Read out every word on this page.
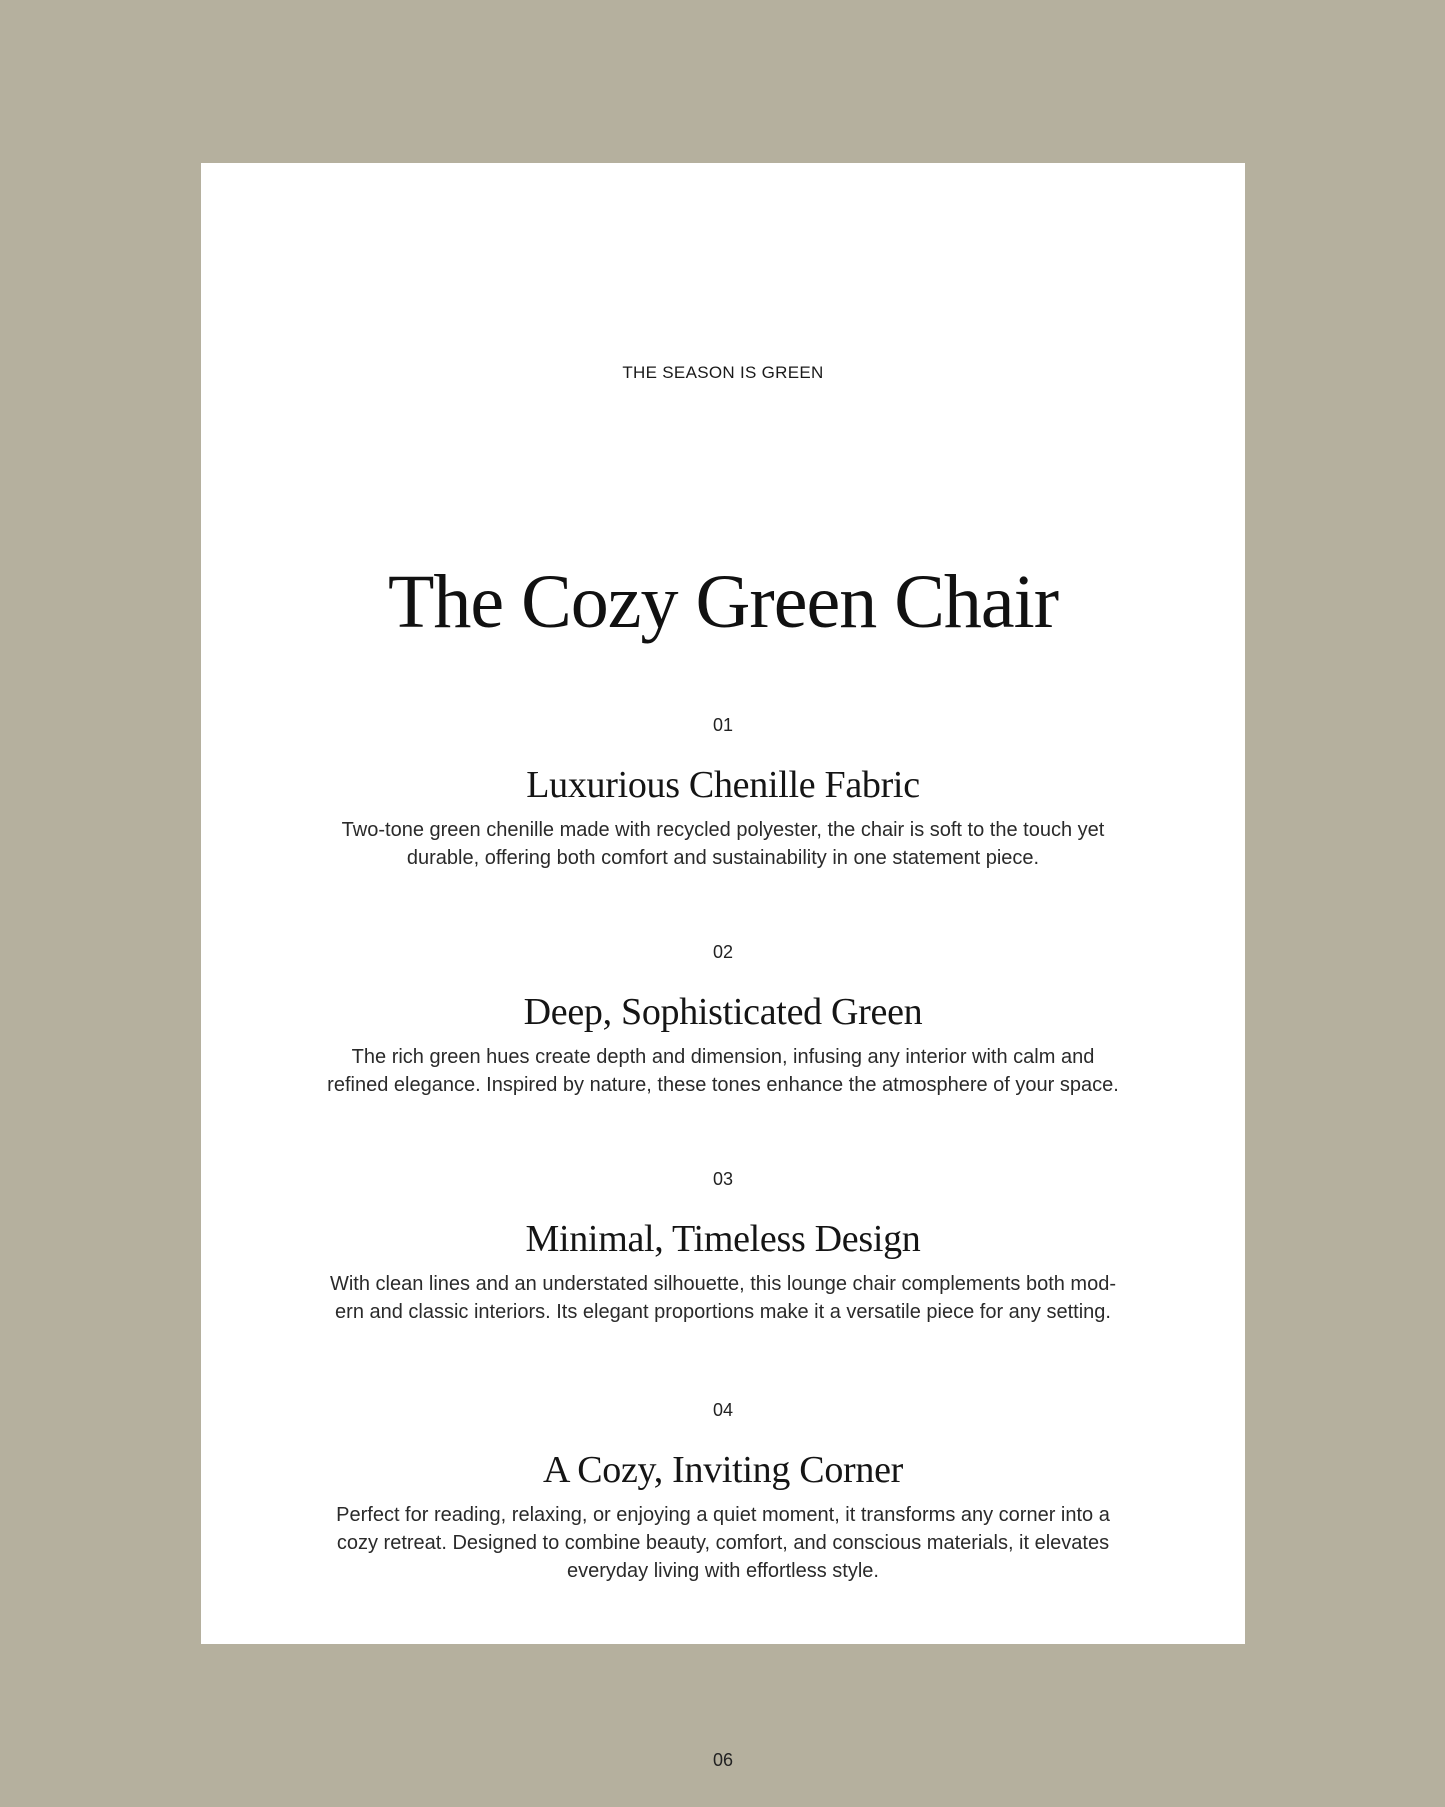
THE SEASON IS GREEN
The Cozy Green Chair
01
Luxurious Chenille Fabric

Two-tone green chenille made with recycled polyester, the chair is soft to the touch yet
durable, offering both comfort and sustainability in one statement piece.

02
Deep, Sophisticated Green

The rich green hues create depth and dimension, infusing any interior with calm and
refined elegance. Inspired by nature, these tones enhance the atmosphere of your space.

03
Minimal, Timeless Design

With clean lines and an understated silhouette, this lounge chair complements both mod-
ern and classic interiors. Its elegant proportions make it a versatile piece for any setting.

04
A Cozy, Inviting Corner

Perfect for reading, relaxing, or enjoying a quiet moment, it transforms any corner into a
cozy retreat. Designed to combine beauty, comfort, and conscious materials, it elevates
everyday living with effortless style.

06
